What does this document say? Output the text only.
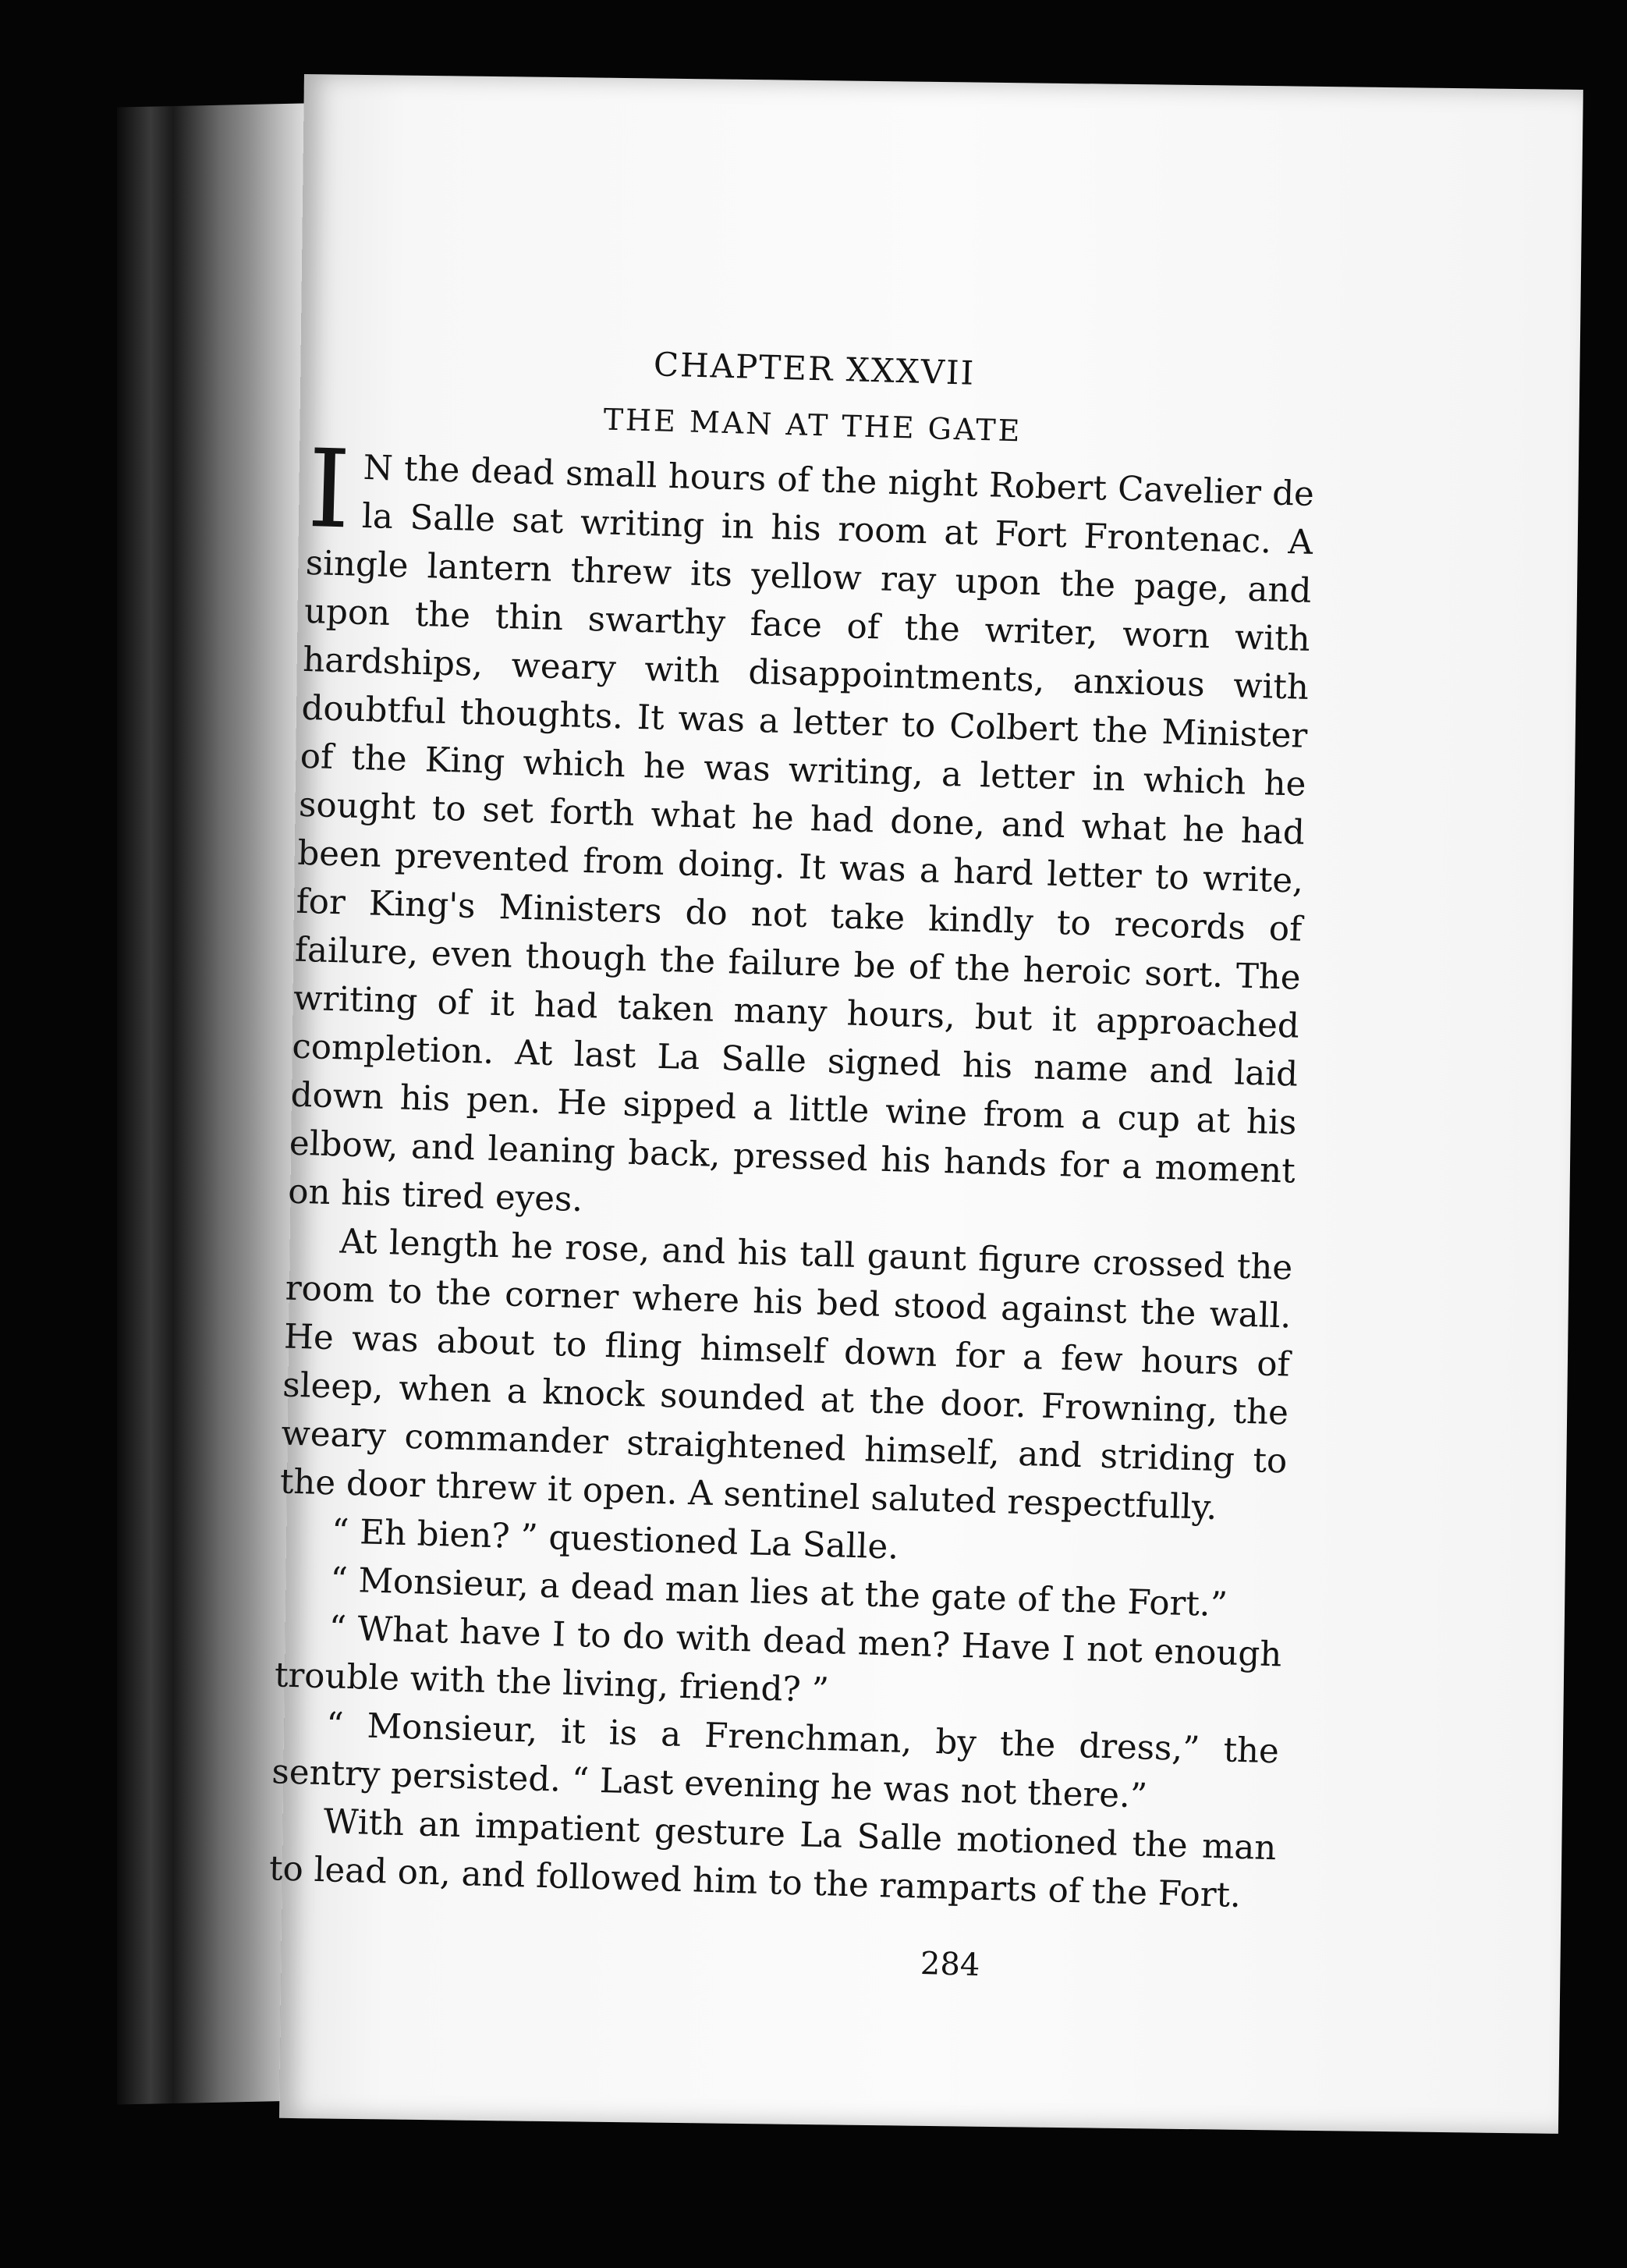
CHAPTER XXXVII
THE MAN AT THE GATE

I N the dead small hours of the night Robert Cavelier de la Salle sat writing in his room at Fort Frontenac. A single lantern threw its yellow ray upon the page, and upon the thin swarthy face of the writer, worn with hardships, weary with disappointments, anxious with doubtful thoughts. It was a letter to Colbert the Minister of the King which he was writing, a letter in which he sought to set forth what he had done, and what he had been prevented from doing. It was a hard letter to write, for King's Ministers do not take kindly to records of failure, even though the failure be of the heroic sort. The writing of it had taken many hours, but it approached completion. At last La Salle signed his name and laid down his pen. He sipped a little wine from a cup at his elbow, and leaning back, pressed his hands for a moment on his tired eyes.

At length he rose, and his tall gaunt figure crossed the room to the corner where his bed stood against the wall. He was about to fling himself down for a few hours of sleep, when a knock sounded at the door. Frowning, the weary commander straightened himself, and striding to the door threw it open. A sentinel saluted respectfully.

“ Eh bien? ” questioned La Salle.

“ Monsieur, a dead man lies at the gate of the Fort.”

“ What have I to do with dead men? Have I not enough trouble with the living, friend? ”

“ Monsieur, it is a Frenchman, by the dress,” the sentry persisted. “ Last evening he was not there.”

With an impatient gesture La Salle motioned the man to lead on, and followed him to the ramparts of the Fort.

284
